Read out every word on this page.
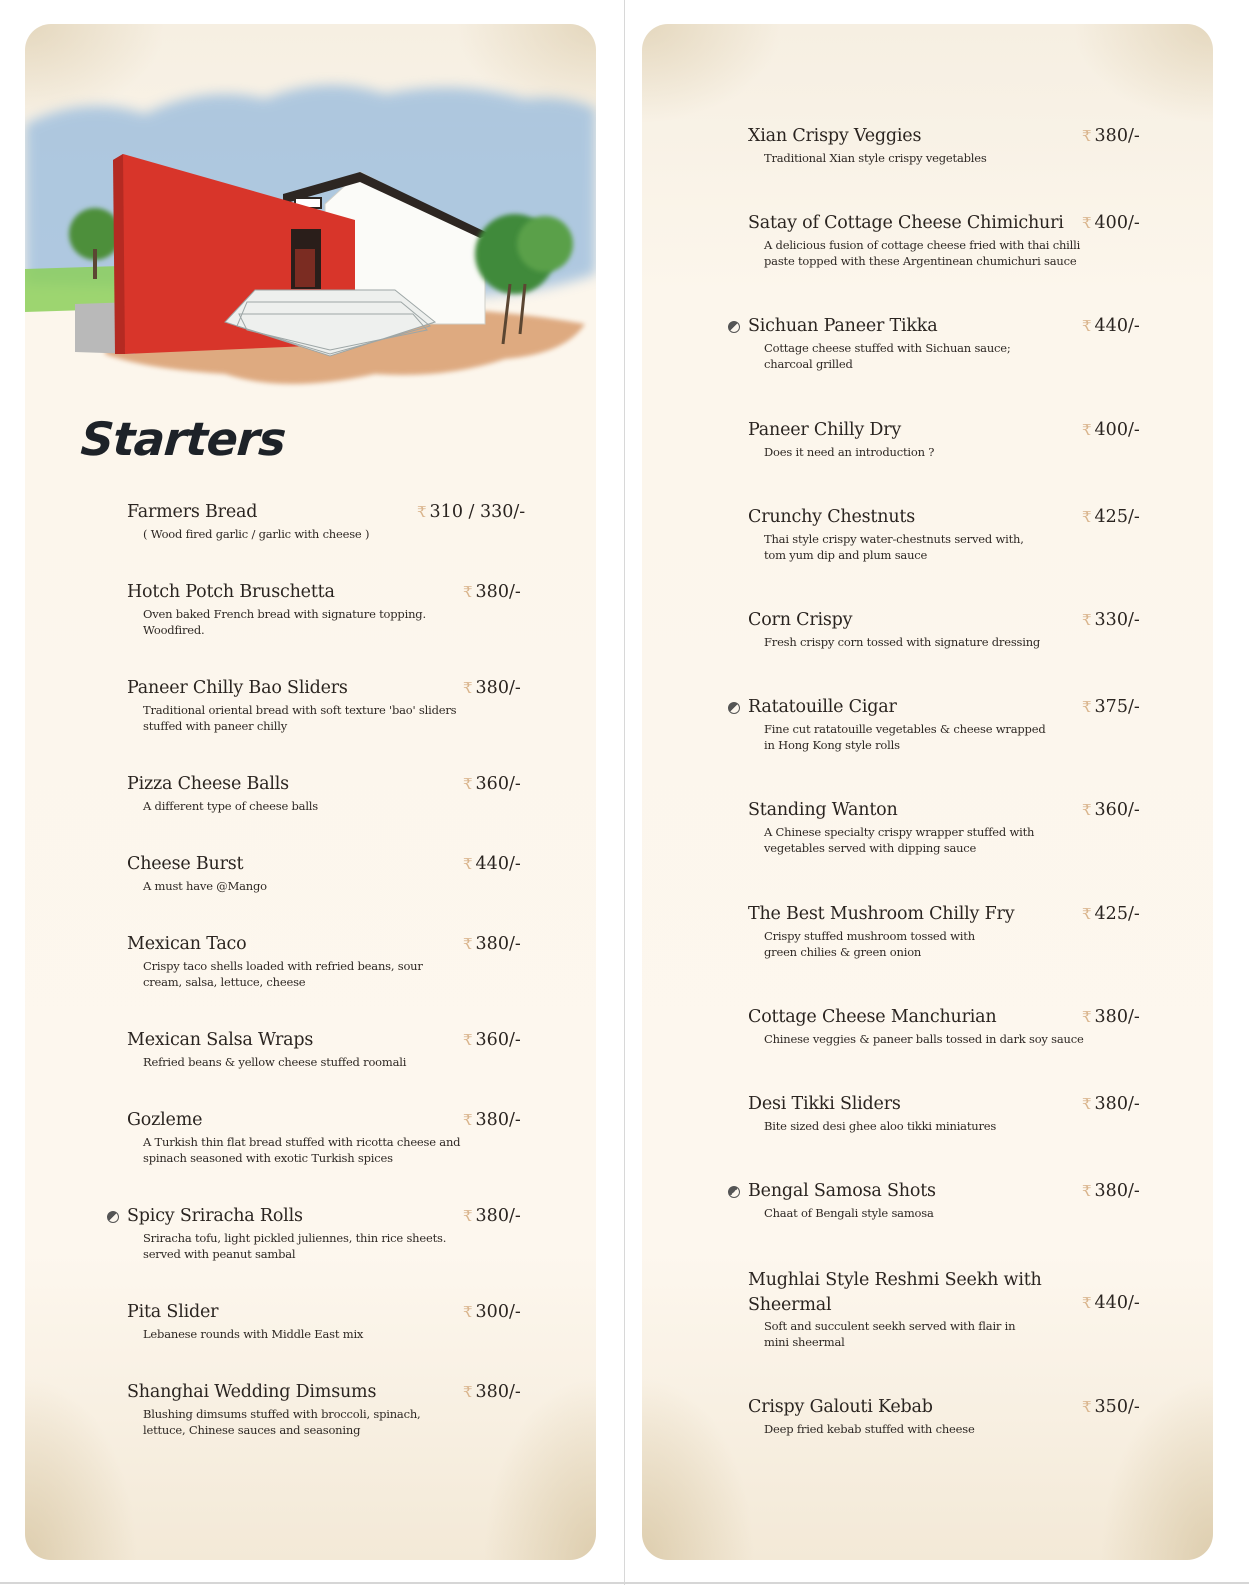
Starters
Farmers Bread	₹ 310 / 330/-
( Wood fired garlic / garlic with cheese )
Hotch Potch Bruschetta	₹ 380/-
Oven baked French bread with signature topping. Woodfired.
Paneer Chilly Bao Sliders	₹ 380/-
Traditional oriental bread with soft texture 'bao' sliders stuffed with paneer chilly
Pizza Cheese Balls	₹ 360/-
A different type of cheese balls
Cheese Burst	₹ 440/-
A must have @Mango
Mexican Taco	₹ 380/-
Crispy taco shells loaded with refried beans, sour cream, salsa, lettuce, cheese
Mexican Salsa Wraps	₹ 360/-
Refried beans & yellow cheese stuffed roomali
Gozleme	₹ 380/-
A Turkish thin flat bread stuffed with ricotta cheese and spinach seasoned with exotic Turkish spices
Spicy Sriracha Rolls	₹ 380/-
Sriracha tofu, light pickled juliennes, thin rice sheets. served with peanut sambal
Pita Slider	₹ 300/-
Lebanese rounds with Middle East mix
Shanghai Wedding Dimsums	₹ 380/-
Blushing dimsums stuffed with broccoli, spinach, lettuce, Chinese sauces and seasoning
Xian Crispy Veggies	₹ 380/-
Traditional Xian style crispy vegetables
Satay of Cottage Cheese Chimichuri ₹ 400/-
A delicious fusion of cottage cheese fried with thai chilli paste topped with these Argentinean chumichuri sauce
Sichuan Paneer Tikka	₹ 440/-
Cottage cheese stuffed with Sichuan sauce; charcoal grilled
Paneer Chilly Dry	₹ 400/-
Does it need an introduction ?
Crunchy Chestnuts	₹ 425/-
Thai style crispy water-chestnuts served with, tom yum dip and plum sauce
Corn Crispy	₹ 330/-
Fresh crispy corn tossed with signature dressing
Ratatouille Cigar	₹ 375/-
Fine cut ratatouille vegetables & cheese wrapped in Hong Kong style rolls
Standing Wanton	₹ 360/-
A Chinese specialty crispy wrapper stuffed with vegetables served with dipping sauce
The Best Mushroom Chilly Fry	₹ 425/-
Crispy stuffed mushroom tossed with green chilies & green onion
Cottage Cheese Manchurian	₹ 380/-
Chinese veggies & paneer balls tossed in dark soy sauce
Desi Tikki Sliders	₹ 380/-
Bite sized desi ghee aloo tikki miniatures
Bengal Samosa Shots	₹ 380/-
Chaat of Bengali style samosa
Mughlai Style Reshmi Seekh with Sheermal	₹ 440/-
Soft and succulent seekh served with flair in mini sheermal
Crispy Galouti Kebab	₹ 350/-
Deep fried kebab stuffed with cheese
